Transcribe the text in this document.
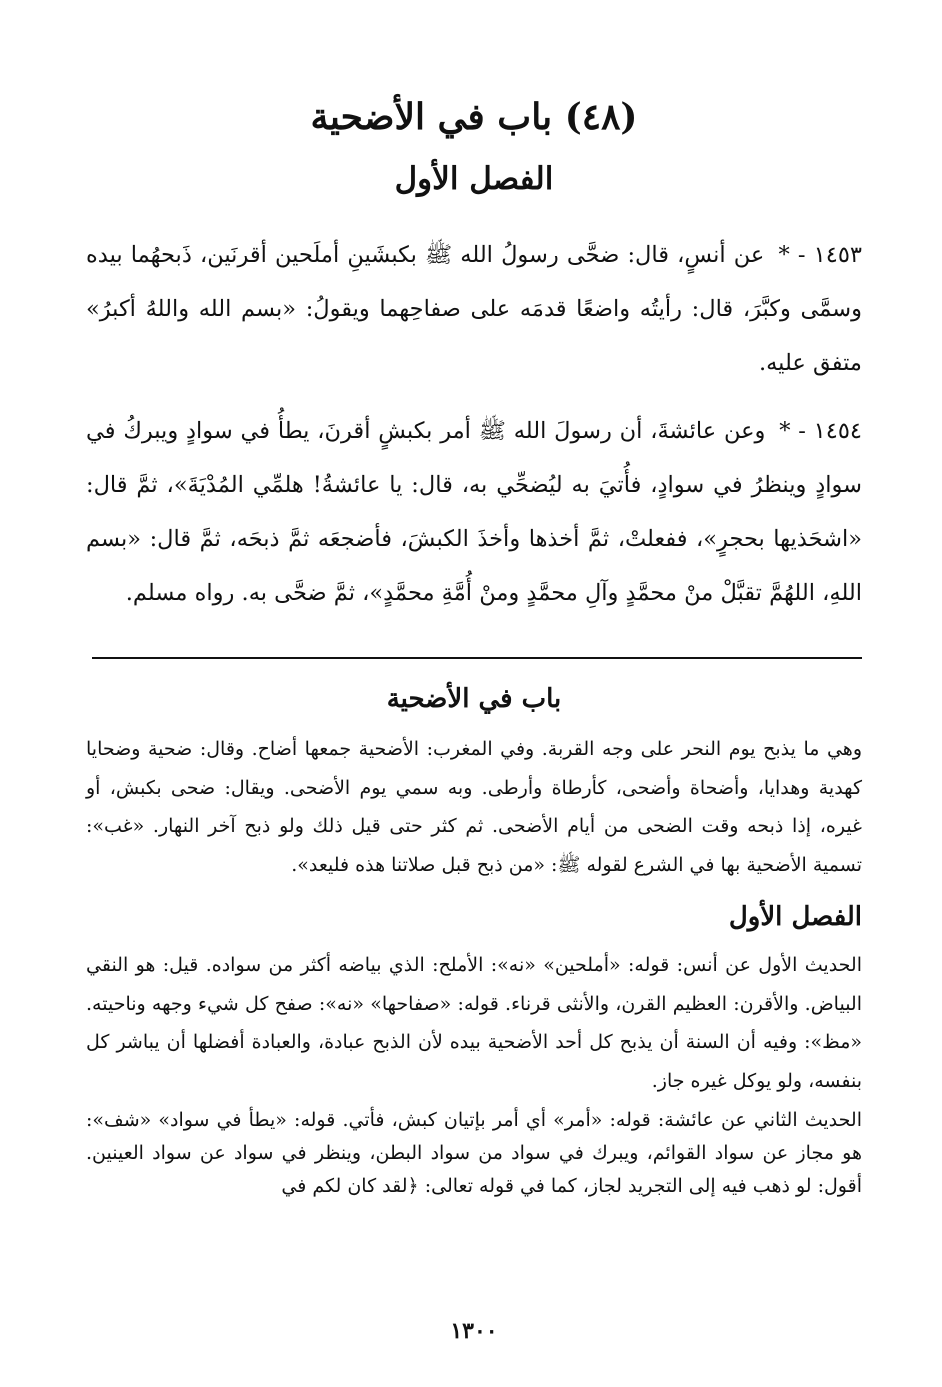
(٤٨) باب في الأضحية
الفصل الأول

١٤٥٣ - * عن أنسٍ، قال: ضحَّى رسولُ الله ﷺ بكبشَينِ أملَحين أقرنَين، ذَبحهُما بيده وسمَّى وكبَّرَ، قال: رأيتُه واضعًا قدمَه على صفاحِهما ويقولُ: «بسم الله واللهُ أكبرُ» متفق عليه.

١٤٥٤ - * وعن عائشةَ، أن رسولَ الله ﷺ أمر بكبشٍ أقرنَ، يطأُ في سوادٍ ويبركُ في سوادٍ وينظرُ في سوادٍ، فأُتيَ به ليُضحِّي به، قال: يا عائشةُ! هلمِّي المُدْيَةَ»، ثمَّ قال: «اشحَذيها بحجرٍ»، ففعلتْ، ثمَّ أخذها وأخذَ الكبشَ، فأضجعَه ثمَّ ذبحَه، ثمَّ قال: «بسم اللهِ، اللهُمَّ تقبَّلْ منْ محمَّدٍ وآلِ محمَّدٍ ومنْ أُمَّةِ محمَّدٍ»، ثمَّ ضحَّى به. رواه مسلم.

باب في الأضحية

وهي ما يذبح يوم النحر على وجه القربة. وفي المغرب: الأضحية جمعها أضاح. وقال: ضحية وضحايا كهدية وهدايا، وأضحاة وأضحى، كأرطاة وأرطى. وبه سمي يوم الأضحى. ويقال: ضحى بكبش، أو غيره، إذا ذبحه وقت الضحى من أيام الأضحى. ثم كثر حتى قيل ذلك ولو ذبح آخر النهار. «غب»: تسمية الأضحية بها في الشرع لقوله ﷺ: «من ذبح قبل صلاتنا هذه فليعد».

الفصل الأول

الحديث الأول عن أنس: قوله: «أملحين» «نه»: الأملح: الذي بياضه أكثر من سواده. قيل: هو النقي البياض. والأقرن: العظيم القرن، والأنثى قرناء. قوله: «صفاحها» «نه»: صفح كل شيء وجهه وناحيته. «مظ»: وفيه أن السنة أن يذبح كل أحد الأضحية بيده لأن الذبح عبادة، والعبادة أفضلها أن يباشر كل بنفسه، ولو يوكل غيره جاز.

الحديث الثاني عن عائشة: قوله: «أمر» أي أمر بإتيان كبش، فأتي. قوله: «يطأ في سواد» «شف»: هو مجاز عن سواد القوائم، ويبرك في سواد من سواد البطن، وينظر في سواد عن سواد العينين. أقول: لو ذهب فيه إلى التجريد لجاز، كما في قوله تعالى: ﴿لقد كان لكم في

١٣٠٠
